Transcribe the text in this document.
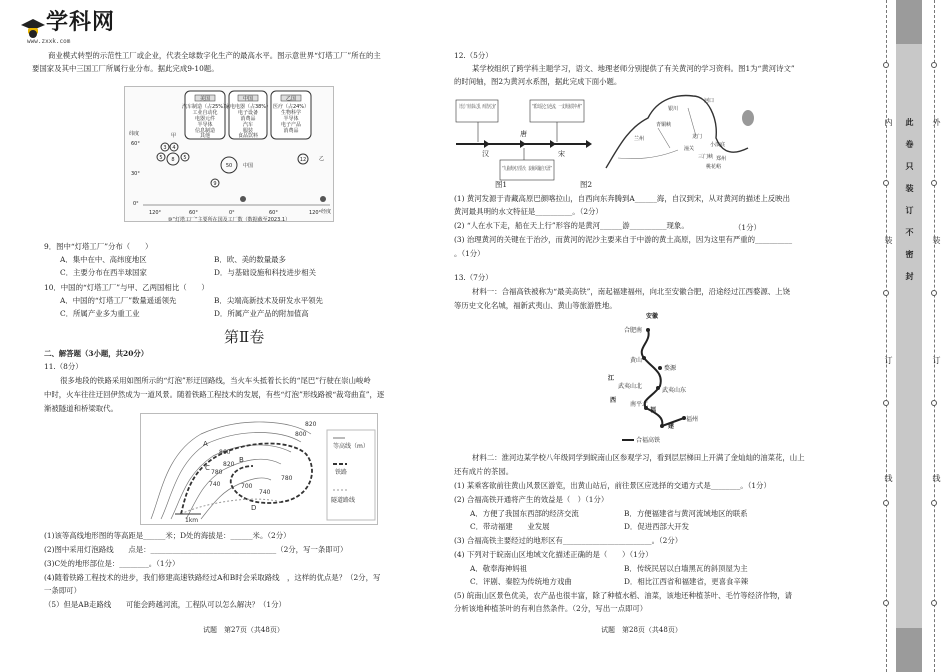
学科网
www.zxxk.com
商业模式转型的示范性工厂或企业，代表全球数字化生产的最高水平。图示意世界“灯塔工厂”所在的主
要国家及其中三国工厂所属行业分布。据此完成9-10题。
美国	中国	乙国
汽车制造（占25%）
工业自动化
电器元件
半导体
信息制造
其他
家电电器（占38%）
电子设备
消费品
汽车
服装
食品饮料
医疗（占24%）
生物科学
半导体
电子产品
消费品
纬度
60°
30°
0°
经度
120°	60°	0°	60°	120°
甲
中国
乙
3 4
5	5
8
50
9
12
⑩“灯塔工厂”主要所在国及工厂数（数据截至2023.1）
9．图中“灯塔工厂”分布（　　）
A．集中在中、高纬度地区	B．欧、美的数量最多
C．主要分布在西半球国家	D．与基础设施和科技进步相关
10．中国的“灯塔工厂”与甲、乙两国相比（　　）
A．中国的“灯塔工厂”数量遥遥领先	B．尖端高新技术及研发水平领先
C．所属产业多为重工业	D．所属产业产品的附加值高
第Ⅱ卷
二、解答题（3小题，共20分）
11.（8分）
很多地段的铁路采用如图所示的“灯泡”形迂回路线，当火车头抵着长长的“尾巴”行驶在崇山峻岭
中时，火车往往迂回伊然成为一道风景。随着铁路工程技术的发展，有些“灯泡”形线路被“裁弯曲直”，逐
渐被隧道和桥梁取代。
860
820
780
740	700
740
780
800
820
A
B
C
D
1km
等高线（m）
铁路
隧道路线
(1)该等高线地形图的等高距是______米；D处的海拔是：______米。（2分）
(2)图中采用灯泡路线　　点是：__________________________________（2分，写一条即可）
(3)C处的地形部位是：________。（1分）
(4)随着铁路工程技术的进步，我们修建高速铁路经过A和B时会采取路线　，这样的优点是？（2分，写
一条即可）
（5）但是AB走路线　　可能会跨越河流，工程队可以怎么解决？（1分）
试题　第27页（共48页）
12.（5分）
某学校组织了跨学科主题学习，语文、地理老师分别提供了有关黄河的学习资料。图1为“黄河诗文”
的时间轴，图2为黄河水系图，据此完成下面小题。
《史记》“南有泰山之阳，西有浩河之南”
“派出昆仑五色流，一支黄浊贯中州”
汉
唐
宋
“九曲黄河万里沙，浪淘风簸自天涯”
图1
青铜峡
河口
兰州
潼关
龙门
三门峡
小浪底
郑州
桃花峪
银川
图2
(1) 黄河发源于青藏高原巴颜喀拉山，自西向东奔腾到A______海，自汉到宋，从对黄河的描述上反映出
黄河最具明的水文特征是__________。（2分）
(2) “人在水下走，船在天上行”形容的是黄河______游__________现象。	（1分）
(3) 治理黄河的关键在于治沙，而黄河的泥沙主要来自于中游的黄土高原，因为这里有严重的__________
。（1分）
13.（7分）
材料一：合福高铁被称为“最美高铁”，南起福建福州，向北至安徽合肥，沿途经过江西婺源、上饶
等历史文化名城，福新武夷山、黄山等旅游胜地。
安徽
合肥南
黄山
婺源
江
西
武夷山北
武夷山东
南平北
福
建
福州
合福高铁
材料二：淮河边某学校八年级同学到皖南山区参观学习，看到层层梯田上开满了金灿灿的油菜花，山上
还有成片的茶园。
(1) 某乘客欲前往黄山风景区游览，出黄山站后，前往景区应选择的交通方式是________。（1分）
(2) 合福高铁开通将产生的效益是（　）（1分）
A．方便了我国东西部的经济交流	B．方便福建省与黄河流域地区的联系
C．带动福建　　业发展	D．促进西部大开发
(3) 合福高铁主要经过的地形区有________________________。（2分）
(4) 下列对于皖南山区地域文化描述正确的是（　　）（1分）
A．敬奉海神妈祖	B．传统民居以白墙黑瓦的斜顶屋为主
C．评剧、秦腔为传统地方戏曲	D．相比江西省和福建省，更喜食辛辣
(5) 皖南山区景色优美，农产品也很丰富，除了种植水稻、油菜，该地还种植茶叶、毛竹等经济作物，请
分析该地种植茶叶的有利自然条件。（2分，写出一点即可）
试题　第28页（共48页）
内
装
订
线
外
装
订
线
此
卷
只
装
订
不
密
封
